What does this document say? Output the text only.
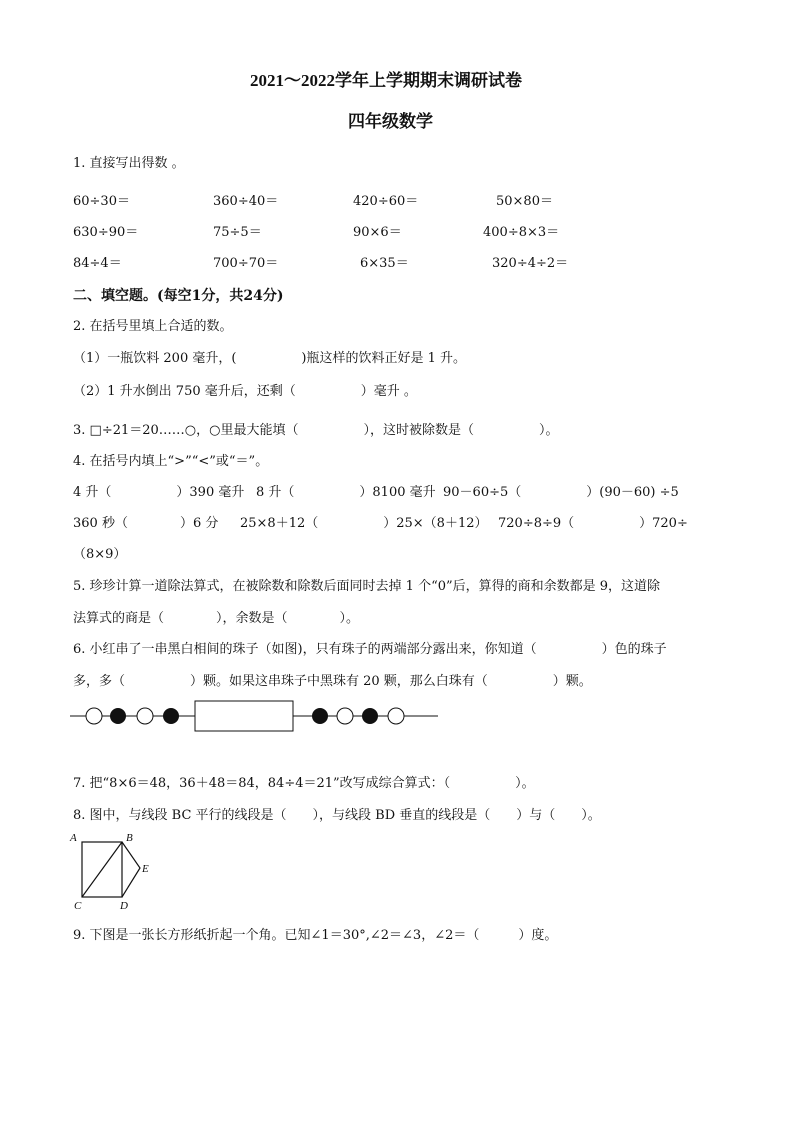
2021～2022学年上学期期末调研试卷
四年级数学
1. 直接写出得数 。
60÷30＝	360÷40＝	420÷60＝	50×80＝
630÷90＝	75÷5＝	90×6＝	400÷8×3＝
84÷4＝	700÷70＝	6×35＝	320÷4÷2＝
二、填空题。(每空1分，共24分)
2. 在括号里填上合适的数。
（1）一瓶饮料 200 毫升，(　　　　　)瓶这样的饮料正好是 1 升。
（2）1 升水倒出 750 毫升后，还剩（　　　　　）毫升 。
3. □÷21＝20……○，○里最大能填（　　　　　），这时被除数是（　　　　　）。
4. 在括号内填上“>”“<”或“＝”。
4 升（　　　　　）390 毫升 8 升（　　　　　）8100 毫升 90－60÷5（　　　　　）(90－60) ÷5
360 秒（　　　　）6 分 25×8＋12（　　　　　）25×（8＋12） 720÷8÷9（　　　　　）720÷
（8×9）
5. 珍珍计算一道除法算式，在被除数和除数后面同时去掉 1 个“0”后，算得的商和余数都是 9，这道除
法算式的商是（　　　　），余数是（　　　　）。
6. 小红串了一串黑白相间的珠子（如图)，只有珠子的两端部分露出来，你知道（　　　　　）色的珠子
多，多（　　　　　）颗。如果这串珠子中黑珠有 20 颗，那么白珠有（　　　　　）颗。
7. 把“8×6＝48，36＋48＝84，84÷4＝21”改写成综合算式：（　　　　　）。
8. 图中，与线段 BC 平行的线段是（　　），与线段 BD 垂直的线段是（　　）与（　　）。
A	B
C	D
E
9. 下图是一张长方形纸折起一个角。已知∠1＝30°,∠2＝∠3，∠2＝（　　　）度。
